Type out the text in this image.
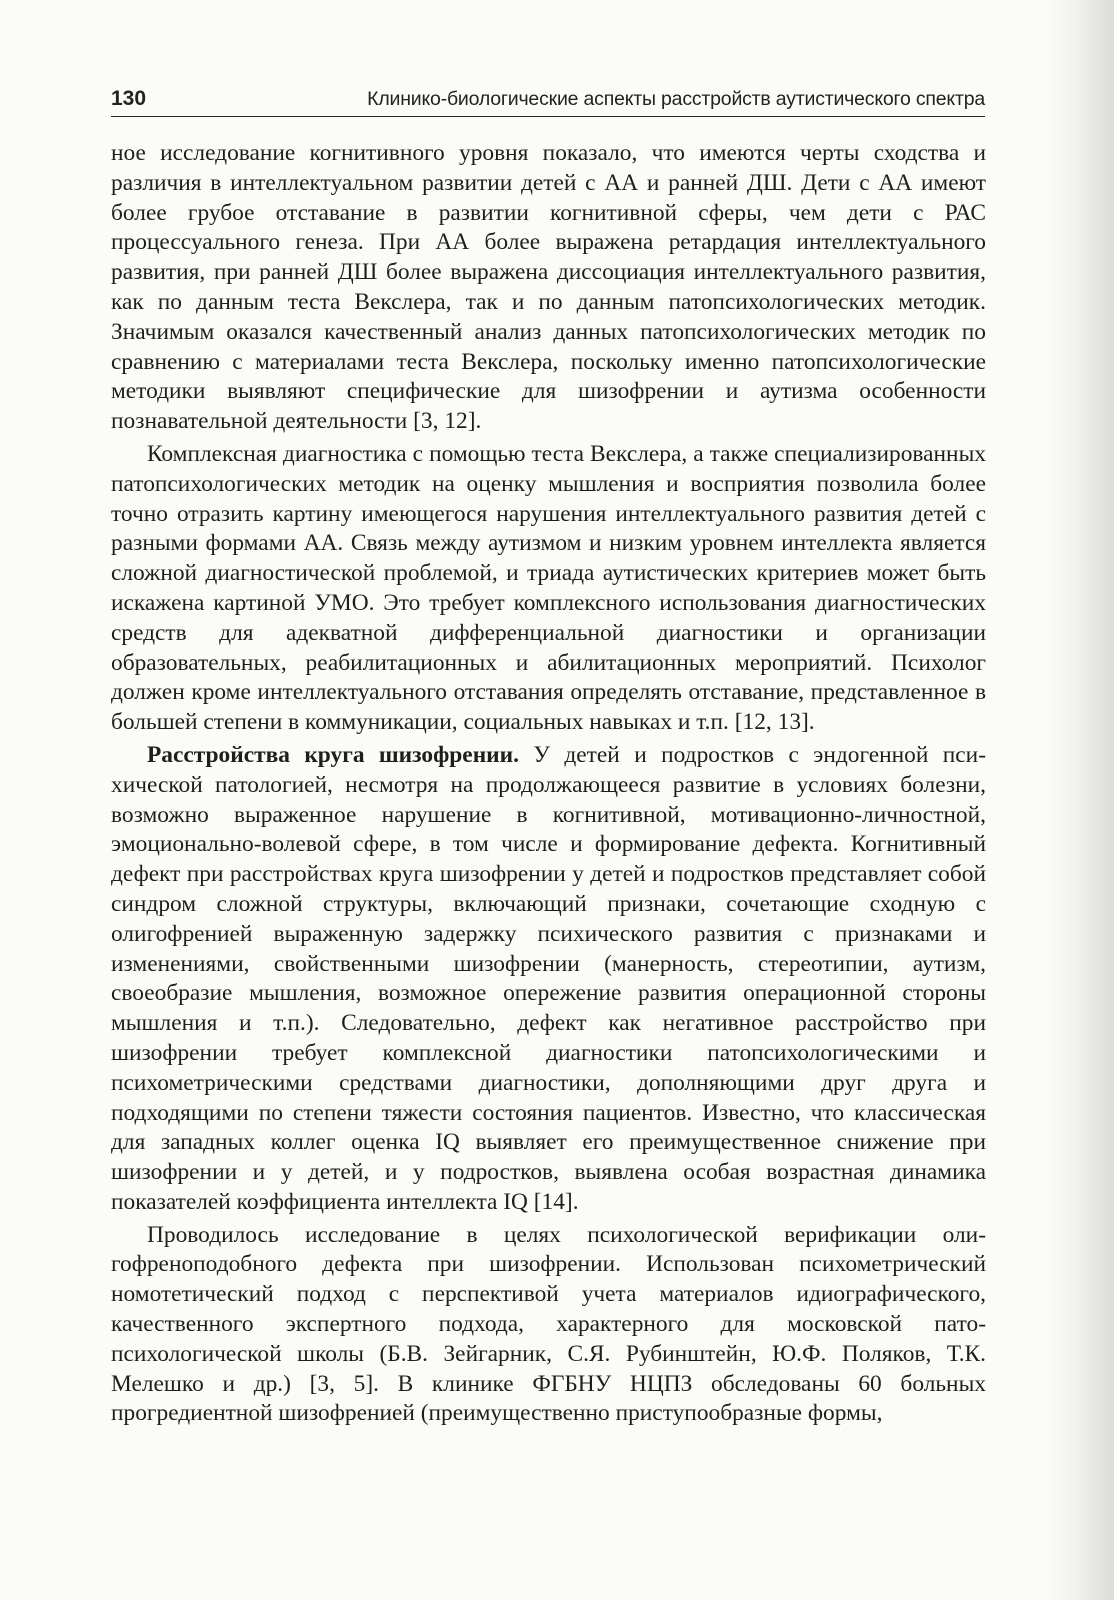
130	Клинико-биологические аспекты расстройств аутистического спектра

ное исследование когнитивного уровня показало, что имеются черты сходства и различия в интеллектуальном развитии детей с АА и ранней ДШ. Дети с АА имеют более грубое отставание в развитии когнитивной сферы, чем дети с РАС процессуального генеза. При АА более выражена ретардация интеллектуального развития, при ранней ДШ более выражена диссоциация интеллектуального развития, как по данным теста Векслера, так и по данным патопсихологических методик. Значимым оказался качественный анализ данных патопсихологических методик по сравнению с материалами теста Векслера, поскольку именно патопсихологические методики выявляют специфические для шизофрении и аутизма особенности познавательной деятельности [3, 12].

Комплексная диагностика с помощью теста Векслера, а также специализированных патопсихологических методик на оценку мышления и восприятия позволила более точно отразить картину имеющегося нарушения интеллектуального развития детей с разными формами АА. Связь между аутизмом и низким уровнем интеллекта является сложной диагностической проблемой, и триада аутистических критериев может быть искажена картиной УМО. Это требует комплексного использования диагностических средств для адекватной дифференциальной диагностики и организации образовательных, реабилитационных и абилитационных мероприятий. Психолог должен кроме интеллектуального отставания определять отставание, представленное в большей степени в коммуникации, социальных навыках и т.п. [12, 13].

Расстройства круга шизофрении. У детей и подростков с эндогенной психической патологией, несмотря на продолжающееся развитие в условиях болезни, возможно выраженное нарушение в когнитивной, мотивационно-личностной, эмоционально-волевой сфере, в том числе и формирование дефекта. Когнитивный дефект при расстройствах круга шизофрении у детей и подростков представляет собой синдром сложной структуры, включающий признаки, сочетающие сходную с олигофренией выраженную задержку психического развития с признаками и изменениями, свойственными шизофрении (манерность, стереотипии, аутизм, своеобразие мышления, возможное опережение развития операционной стороны мышления и т.п.). Следовательно, дефект как негативное расстройство при шизофрении требует комплексной диагностики патопсихологическими и психометрическими средствами диагностики, дополняющими друг друга и подходящими по степени тяжести состояния пациентов. Известно, что классическая для западных коллег оценка IQ выявляет его преимущественное снижение при шизофрении и у детей, и у подростков, выявлена особая возрастная динамика показателей коэффициента интеллекта IQ [14].

Проводилось исследование в целях психологической верификации олигофреноподобного дефекта при шизофрении. Использован психометрический номотетический подход с перспективой учета материалов идиографического, качественного экспертного подхода, характерного для московской патопсихологической школы (Б.В. Зейгарник, С.Я. Рубинштейн, Ю.Ф. Поляков, Т.К. Мелешко и др.) [3, 5]. В клинике ФГБНУ НЦПЗ обследованы 60 больных прогредиентной шизофренией (преимущественно приступообразные формы,
